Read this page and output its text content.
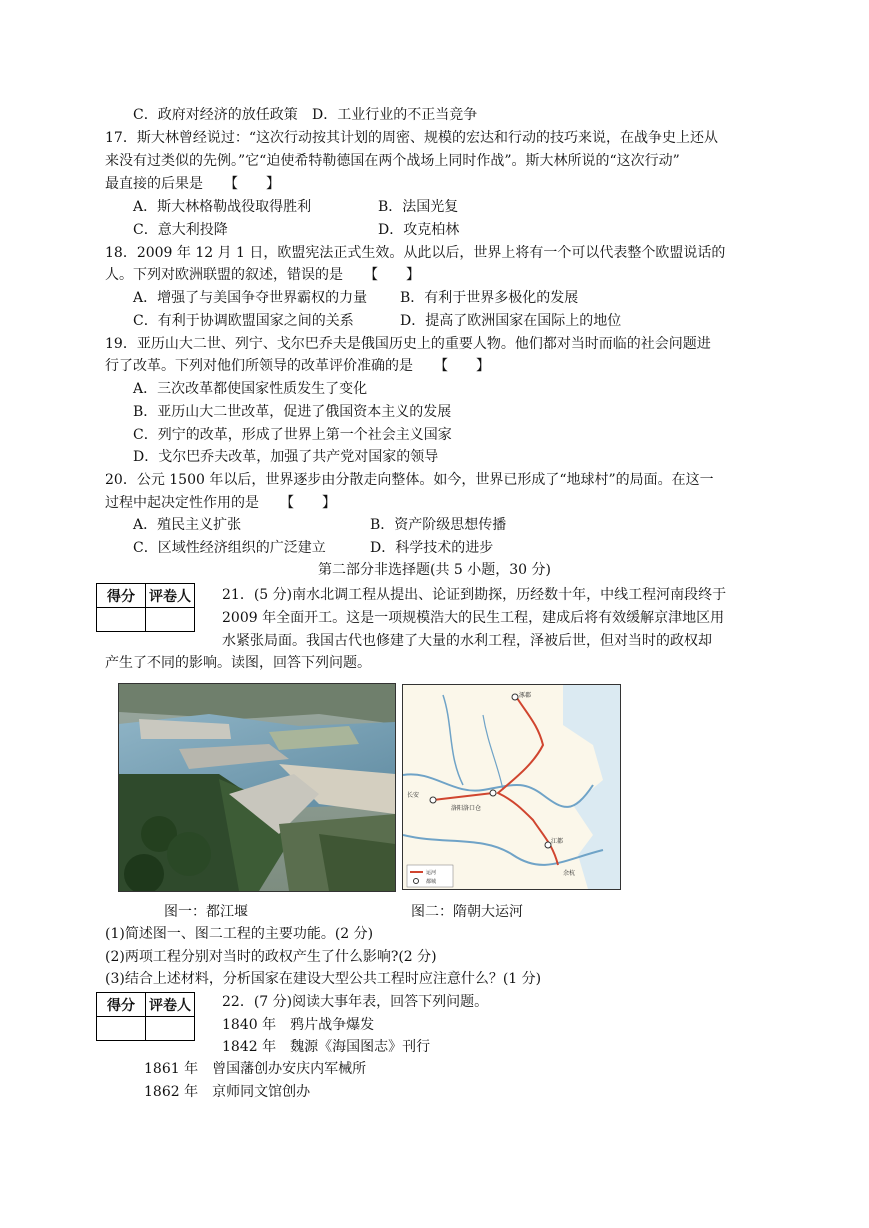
C．政府对经济的放任政策 D．工业行业的不正当竞争
17．斯大林曾经说过：“这次行动按其计划的周密、规模的宏达和行动的技巧来说，在战争史上还从
来没有过类似的先例。”它“迫使希特勒德国在两个战场上同时作战”。斯大林所说的“这次行动”
最直接的后果是　　【　　】
A．斯大林格勒战役取得胜利	B．法国光复
C．意大利投降	D．攻克柏林
18．2009 年 12 月 1 日，欧盟宪法正式生效。从此以后，世界上将有一个可以代表整个欧盟说话的
人。下列对欧洲联盟的叙述，错误的是　　【　　】
A．增强了与美国争夺世界霸权的力量 B．有利于世界多极化的发展
C．有利于协调欧盟国家之间的关系	D．提高了欧洲国家在国际上的地位
19．亚历山大二世、列宁、戈尔巴乔夫是俄国历史上的重要人物。他们都对当时而临的社会问题进
行了改革。下列对他们所领导的改革评价准确的是　　【　　】
A．三次改革都使国家性质发生了变化
B．亚历山大二世改革，促进了俄国资本主义的发展
C．列宁的改革，形成了世界上第一个社会主义国家
D．戈尔巴乔夫改革，加强了共产党对国家的领导
20．公元 1500 年以后，世界逐步由分散走向整体。如今，世界已形成了“地球村”的局面。在这一
过程中起决定性作用的是　　【　　】
A．殖民主义扩张	B．资产阶级思想传播
C．区域性经济组织的广泛建立	D．科学技术的进步
第二部分非选择题(共 5 小题，30 分)
得分	评卷人
	21．(5 分)南水北调工程从提出、论证到勘探，历经数十年，中线工程河南段终于
2009 年全面开工。这是一项规模浩大的民生工程，建成后将有效缓解京津地区用
水紧张局面。我国古代也修建了大量的水利工程，泽被后世，但对当时的政权却
产生了不同的影响。读图，回答下列问题。
涿郡
长安
洛阳洛口仓
江都
余杭
运河
都城
图一：都江堰	图二：隋朝大运河
(1)简述图一、图二工程的主要功能。(2 分)
(2)两项工程分别对当时的政权产生了什么影响?(2 分)
(3)结合上述材料，分析国家在建设大型公共工程时应注意什么？(1 分)
得分	评卷人
	22．(7 分)阅读大事年表，回答下列问题。
1840 年　 鸦片战争爆发
1842 年　 魏源《海国图志》刊行
1861 年　 曾国藩创办安庆内军械所
1862 年　 京师同文馆创办
